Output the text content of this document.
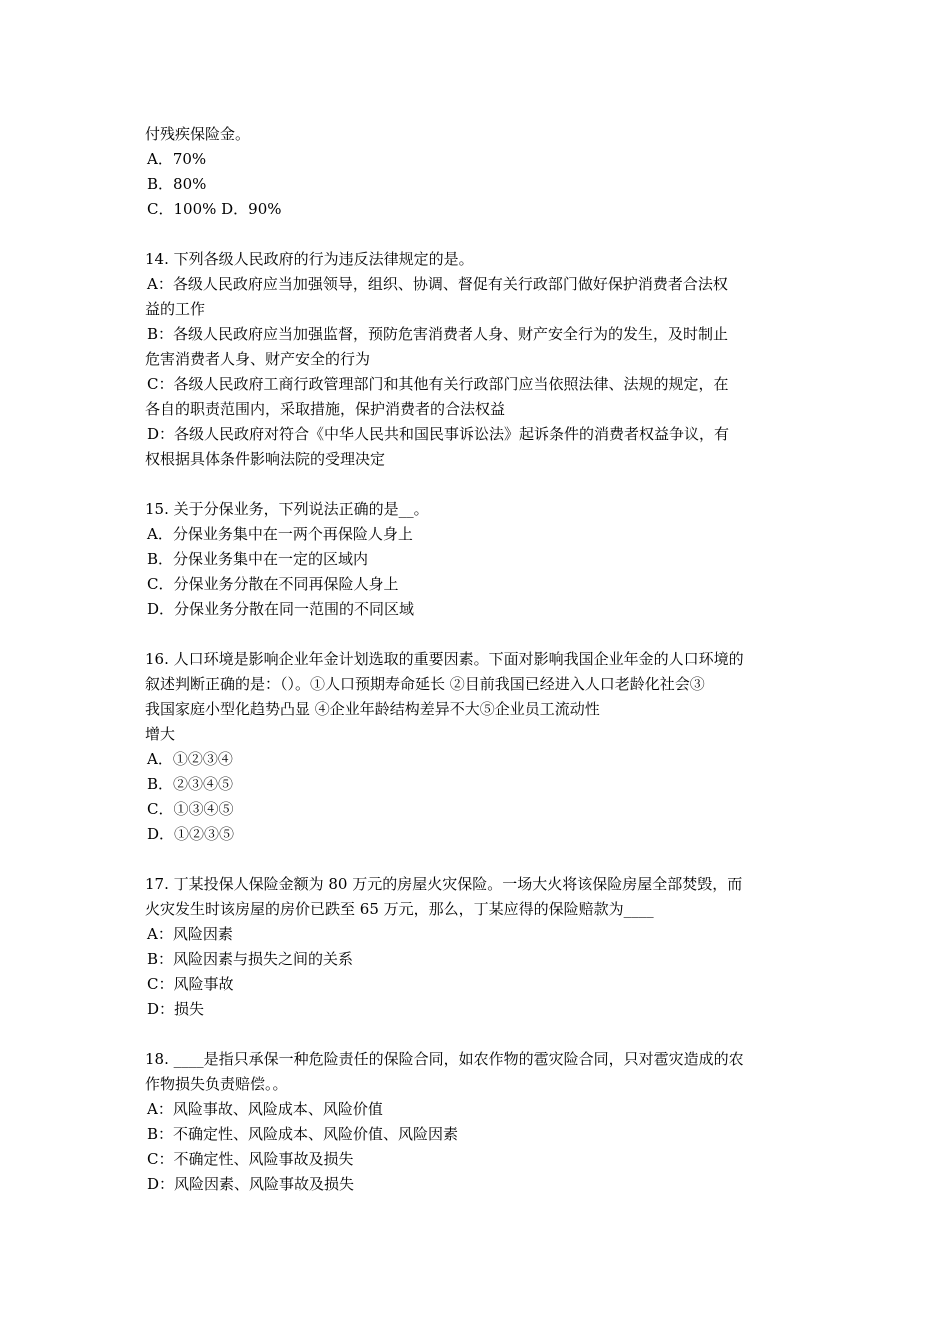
付残疾保险金。
A．70%
B．80%
C．100% D．90%
14. 下列各级人民政府的行为违反法律规定的是。
A：各级人民政府应当加强领导，组织、协调、督促有关行政部门做好保护消费者合法权
益的工作
B：各级人民政府应当加强监督，预防危害消费者人身、财产安全行为的发生，及时制止
危害消费者人身、财产安全的行为
C：各级人民政府工商行政管理部门和其他有关行政部门应当依照法律、法规的规定，在
各自的职责范围内，采取措施，保护消费者的合法权益
D：各级人民政府对符合《中华人民共和国民事诉讼法》起诉条件的消费者权益争议，有
权根据具体条件影响法院的受理决定
15. 关于分保业务，下列说法正确的是__。
A．分保业务集中在一两个再保险人身上
B．分保业务集中在一定的区域内
C．分保业务分散在不同再保险人身上
D．分保业务分散在同一范围的不同区域
16. 人口环境是影响企业年金计划选取的重要因素。下面对影响我国企业年金的人口环境的
叙述判断正确的是：（）。①人口预期寿命延长 ②目前我国已经进入人口老龄化社会③
我国家庭小型化趋势凸显 ④企业年龄结构差异不大⑤企业员工流动性
增大
A．①②③④
B．②③④⑤
C．①③④⑤
D．①②③⑤
17. 丁某投保人保险金额为 80 万元的房屋火灾保险。一场大火将该保险房屋全部焚毁，而
火灾发生时该房屋的房价已跌至 65 万元，那么，丁某应得的保险赔款为____
A：风险因素
B：风险因素与损失之间的关系
C：风险事故
D：损失
18. ____是指只承保一种危险责任的保险合同，如农作物的雹灾险合同，只对雹灾造成的农
作物损失负责赔偿。。
A：风险事故、风险成本、风险价值
B：不确定性、风险成本、风险价值、风险因素
C：不确定性、风险事故及损失
D：风险因素、风险事故及损失
